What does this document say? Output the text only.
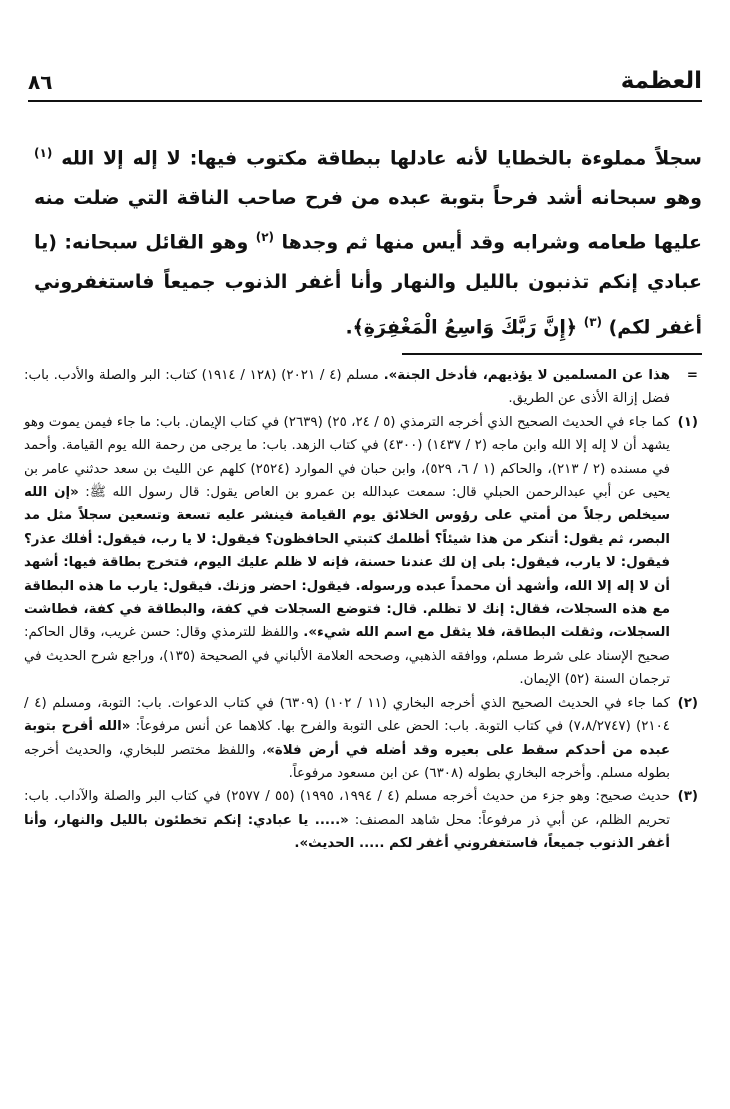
العظمة
٨٦

سجلاً مملوءة بالخطايا لأنه عادلها ببطاقة مكتوب فيها: لا إله إلا الله $^{(١)}$ وهو سبحانه أشد فرحاً بتوبة عبده من فرح صاحب الناقة التي ضلت منه عليها طعامه وشرابه وقد أيس منها ثم وجدها $^{(٢)}$ وهو القائل سبحانه: (يا عبادي إنكم تذنبون بالليل والنهار وأنا أغفر الذنوب جميعاً فاستغفروني أغفر لكم) $^{(٣)}$ ﴿إِنَّ رَبَّكَ وَاسِعُ الْمَغْفِرَةِ﴾.

=
هذا عن المسلمين لا يؤذيهم، فأدخل الجنة». مسلم (٤ / ٢٠٢١) (١٢٨ / ١٩١٤) كتاب: البر والصلة والأدب. باب: فضل إزالة الأذى عن الطريق.
(١)
كما جاء في الحديث الصحيح الذي أخرجه الترمذي (٥ / ٢٤، ٢٥) (٢٦٣٩) في كتاب الإيمان. باب: ما جاء فيمن يموت وهو يشهد أن لا إله إلا الله وابن ماجه (٢ / ١٤٣٧) (٤٣٠٠) في كتاب الزهد. باب: ما يرجى من رحمة الله يوم القيامة. وأحمد في مسنده (٢ / ٢١٣)، والحاكم (١ / ٦، ٥٢٩)، وابن حبان في الموارد (٢٥٢٤) كلهم عن الليث بن سعد حدثني عامر بن يحيى عن أبي عبدالرحمن الحبلي قال: سمعت عبدالله بن عمرو بن العاص يقول: قال رسول الله ﷺ: «إن الله سيخلص رجلاً من أمتي على رؤوس الخلائق يوم القيامة فينشر عليه تسعة وتسعين سجلاً مثل مد البصر، ثم يقول: أتنكر من هذا شيئاً؟ أظلمك كتبتي الحافظون؟ فيقول: لا يا رب، فيقول: أفلك عذر؟ فيقول: لا يارب، فيقول: بلى إن لك عندنا حسنة، فإنه لا ظلم عليك اليوم، فتخرج بطاقة فيها: أشهد أن لا إله إلا الله، وأشهد أن محمداً عبده ورسوله. فيقول: احضر وزنك. فيقول: يارب ما هذه البطاقة مع هذه السجلات، فقال: إنك لا تظلم. قال: فتوضع السجلات في كفة، والبطاقة في كفة، فطاشت السجلات، وثقلت البطاقة، فلا يثقل مع اسم الله شيء». واللفظ للترمذي وقال: حسن غريب، وقال الحاكم: صحيح الإسناد على شرط مسلم، ووافقه الذهبي، وصححه العلامة الألباني في الصحيحة (١٣٥)، وراجع شرح الحديث في ترجمان السنة (٥٢) الإيمان.
(٢)
كما جاء في الحديث الصحيح الذي أخرجه البخاري (١١ / ١٠٢) (٦٣٠٩) في كتاب الدعوات. باب: التوبة، ومسلم (٤ / ٢١٠٤) (٧،٨/٢٧٤٧) في كتاب التوبة. باب: الحض على التوبة والفرح بها. كلاهما عن أنس مرفوعاً: «الله أفرح بتوبة عبده من أحدكم سقط على بعيره وقد أضله في أرض فلاة»، واللفظ مختصر للبخاري، والحديث أخرجه بطوله مسلم. وأخرجه البخاري بطوله (٦٣٠٨) عن ابن مسعود مرفوعاً.
(٣)
حديث صحيح: وهو جزء من حديث أخرجه مسلم (٤ / ١٩٩٤، ١٩٩٥) (٥٥ / ٢٥٧٧) في كتاب البر والصلة والآداب. باب: تحريم الظلم، عن أبي ذر مرفوعاً: محل شاهد المصنف: «..... يا عبادي: إنكم تخطئون بالليل والنهار، وأنا أغفر الذنوب جميعاً، فاستغفروني أغفر لكم ..... الحديث».
